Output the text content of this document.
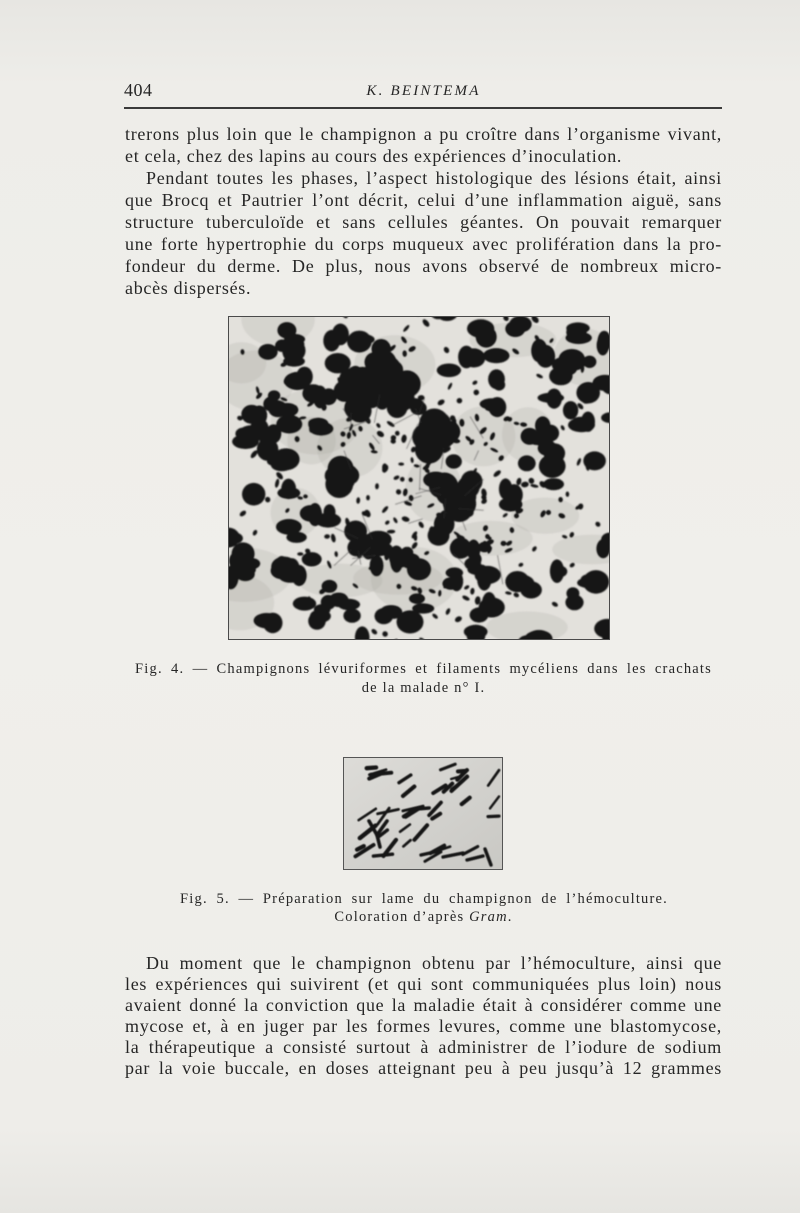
404	K. BEINTEMA
trerons plus loin que le champignon a pu croître dans l’organisme vivant,
et cela, chez des lapins au cours des expériences d’inoculation.
Pendant toutes les phases, l’aspect histologique des lésions était, ainsi
que Brocq et Pautrier l’ont décrit, celui d’une inflammation aiguë, sans
structure tuberculoïde et sans cellules géantes. On pouvait remarquer
une forte hypertrophie du corps muqueux avec prolifération dans la pro-
fondeur du derme. De plus, nous avons observé de nombreux micro-
abcès dispersés.
Fig. 4. — Champignons lévuriformes et filaments mycéliens dans les crachats
de la malade n° I.
Fig. 5. — Préparation sur lame du champignon de l’hémoculture.
Coloration d’après Gram.
Du moment que le champignon obtenu par l’hémoculture, ainsi que
les expériences qui suivirent (et qui sont communiquées plus loin) nous
avaient donné la conviction que la maladie était à considérer comme une
mycose et, à en juger par les formes levures, comme une blastomycose,
la thérapeutique a consisté surtout à administrer de l’iodure de sodium
par la voie buccale, en doses atteignant peu à peu jusqu’à 12 grammes
